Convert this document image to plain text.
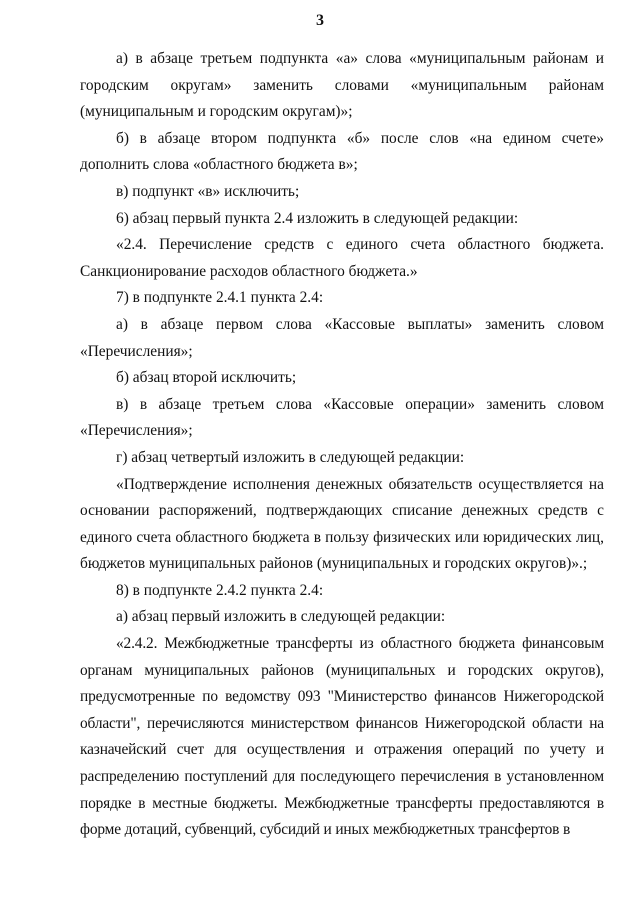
3

а) в абзаце третьем подпункта «а» слова «муниципальным районам и городским округам» заменить словами «муниципальным районам (муниципальным и городским округам)»;

б) в абзаце втором подпункта «б» после слов «на едином счете» дополнить слова «областного бюджета в»;

в) подпункт «в» исключить;

6) абзац первый пункта 2.4 изложить в следующей редакции:

«2.4. Перечисление средств с единого счета областного бюджета. Санкционирование расходов областного бюджета.»

7) в подпункте 2.4.1 пункта 2.4:

а) в абзаце первом слова «Кассовые выплаты» заменить словом «Перечисления»;

б) абзац второй исключить;

в) в абзаце третьем слова «Кассовые операции» заменить словом «Перечисления»;

г) абзац четвертый изложить в следующей редакции:

«Подтверждение исполнения денежных обязательств осуществляется на основании распоряжений, подтверждающих списание денежных средств с единого счета областного бюджета в пользу физических или юридических лиц, бюджетов муниципальных районов (муниципальных и городских округов)».;

8) в подпункте 2.4.2 пункта 2.4:

а) абзац первый изложить в следующей редакции:

«2.4.2. Межбюджетные трансферты из областного бюджета финансовым органам муниципальных районов (муниципальных и городских округов), предусмотренные по ведомству 093 "Министерство финансов Нижегородской области", перечисляются министерством финансов Нижегородской области на казначейский счет для осуществления и отражения операций по учету и распределению поступлений для последующего перечисления в установленном порядке в местные бюджеты. Межбюджетные трансферты предоставляются в форме дотаций, субвенций, субсидий и иных межбюджетных трансфертов в
